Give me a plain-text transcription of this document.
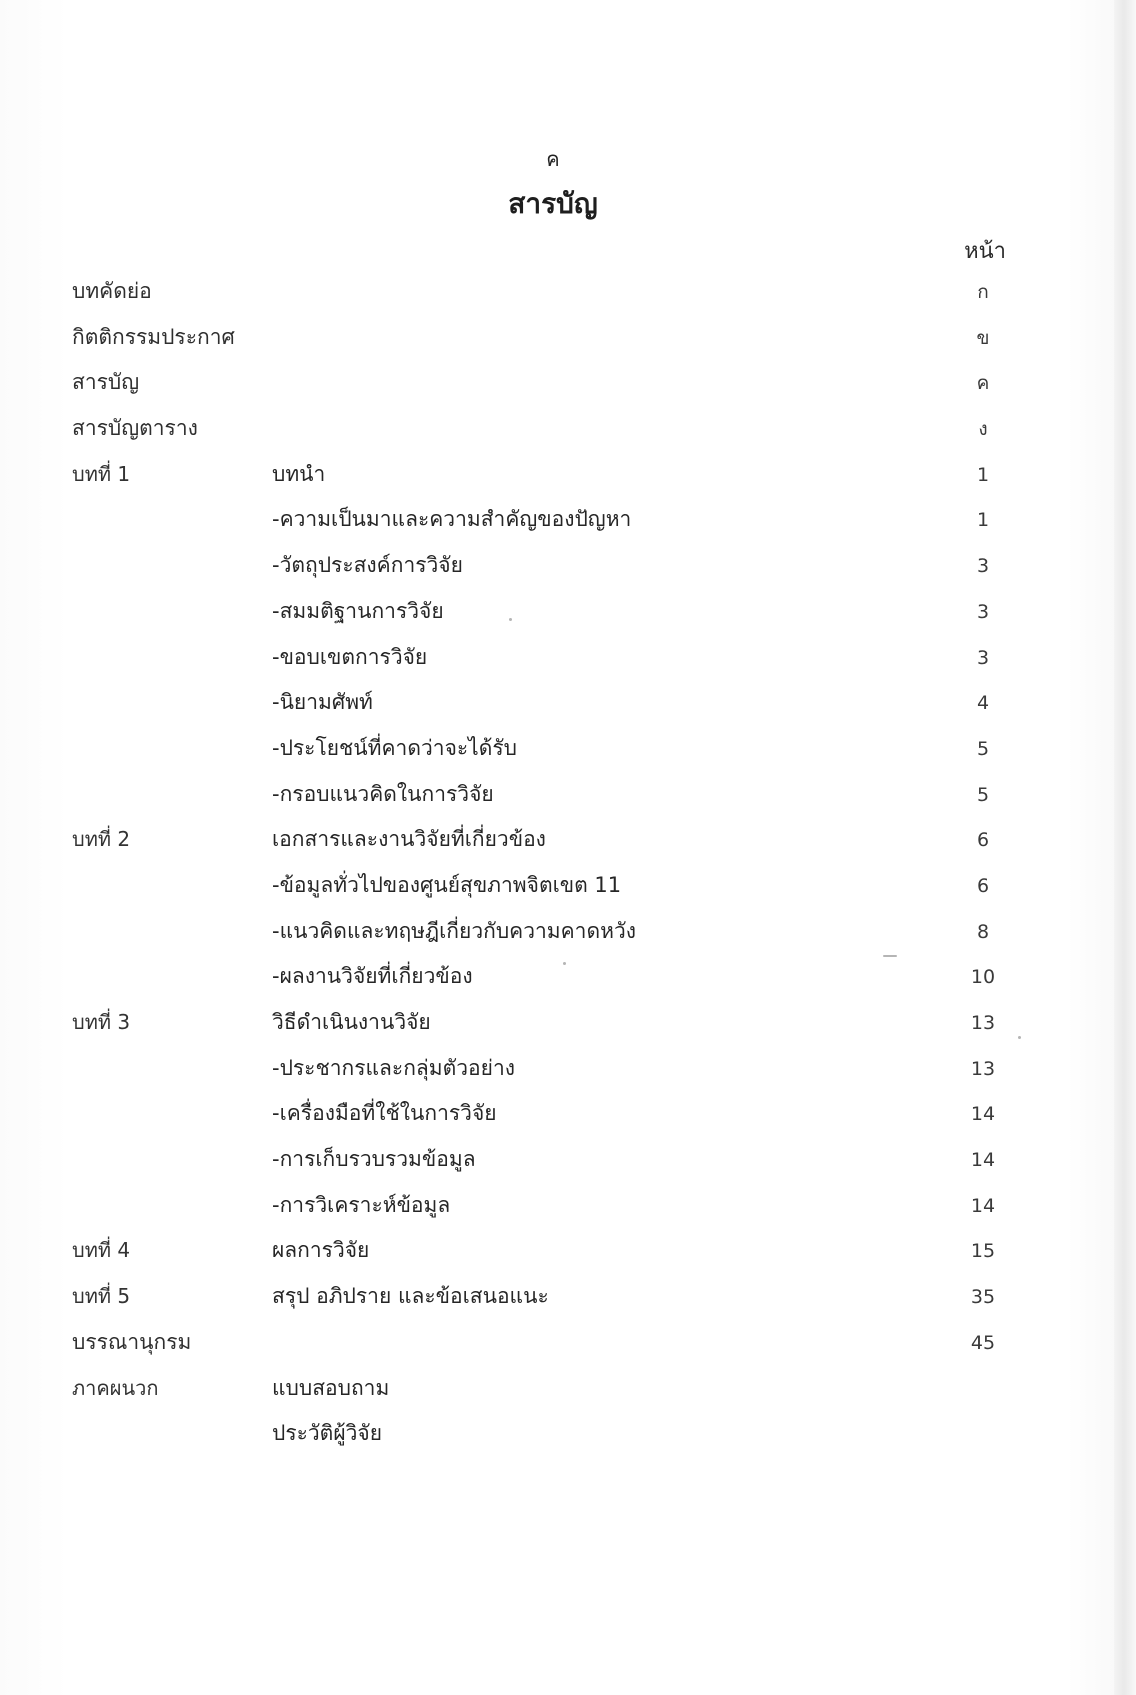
ค
สารบัญ
หน้า
บทคัดย่อ	ก
กิตติกรรมประกาศ	ข
สารบัญ	ค
สารบัญตาราง	ง
บทที่ 1	บทนำ	1
-ความเป็นมาและความสำคัญของปัญหา	1
-วัตถุประสงค์การวิจัย	3
-สมมติฐานการวิจัย	3
-ขอบเขตการวิจัย	3
-นิยามศัพท์	4
-ประโยชน์ที่คาดว่าจะได้รับ	5
-กรอบแนวคิดในการวิจัย	5
บทที่ 2	เอกสารและงานวิจัยที่เกี่ยวข้อง	6
-ข้อมูลทั่วไปของศูนย์สุขภาพจิตเขต 11	6
-แนวคิดและทฤษฎีเกี่ยวกับความคาดหวัง	8
-ผลงานวิจัยที่เกี่ยวข้อง	10
บทที่ 3	วิธีดำเนินงานวิจัย	13
-ประชากรและกลุ่มตัวอย่าง	13
-เครื่องมือที่ใช้ในการวิจัย	14
-การเก็บรวบรวมข้อมูล	14
-การวิเคราะห์ข้อมูล	14
บทที่ 4	ผลการวิจัย	15
บทที่ 5	สรุป อภิปราย และข้อเสนอแนะ	35
บรรณานุกรม	45
ภาคผนวก	แบบสอบถาม
ประวัติผู้วิจัย
